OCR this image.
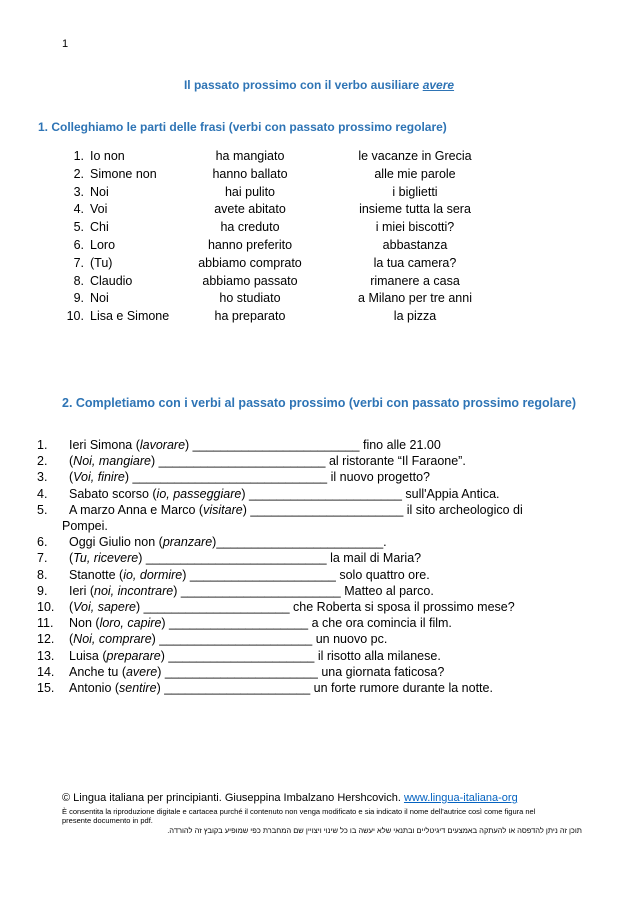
1
Il passato prossimo con il verbo ausiliare avere
1. Colleghiamo le parti delle frasi (verbi con passato prossimo regolare)
1. Io non	ha mangiato	le vacanze in Grecia
2. Simone non	hanno ballato	alle mie parole
3. Noi	hai pulito	i biglietti
4. Voi	avete abitato	insieme tutta la sera
5. Chi	ha creduto	i miei biscotti?
6. Loro	hanno preferito	abbastanza
7. (Tu)	abbiamo comprato	la tua camera?
8. Claudio	abbiamo passato	rimanere a casa
9. Noi	ho studiato	a Milano per tre anni
10. Lisa e Simone	ha preparato	la pizza
2. Completiamo con i verbi al passato prossimo (verbi con passato prossimo regolare)
1. Ieri Simona (lavorare) ________________________ fino alle 21.00
2. (Noi, mangiare) ________________________ al ristorante “Il Faraone”.
3. (Voi, finire) ____________________________ il nuovo progetto?
4. Sabato scorso (io, passeggiare) ______________________ sull'Appia Antica.
5. A marzo Anna e Marco (visitare) ______________________ il sito archeologico di
Pompei.
6. Oggi Giulio non (pranzare)________________________.
7. (Tu, ricevere) __________________________ la mail di Maria?
8. Stanotte (io, dormire) _____________________ solo quattro ore.
9. Ieri (noi, incontrare) _______________________ Matteo al parco.
10. (Voi, sapere) _____________________ che Roberta si sposa il prossimo mese?
11. Non (loro, capire) ____________________ a che ora comincia il film.
12. (Noi, comprare) ______________________ un nuovo pc.
13. Luisa (preparare) _____________________ il risotto alla milanese.
14. Anche tu (avere) ______________________ una giornata faticosa?
15. Antonio (sentire) _____________________ un forte rumore durante la notte.
© Lingua italiana per principianti. Giuseppina Imbalzano Hershcovich. www.lingua-italiana-org
È consentita la riproduzione digitale e cartacea purché il contenuto non venga modificato e sia indicato il nome dell'autrice così come figura nel
presente documento in pdf.
תוכן זה ניתן להדפסה או להעתקה באמצעים דיגיטליים ובתנאי שלא יעשה בו כל שינוי ויצויין שם המחברת כפי שמופיע בקובץ זה להורדה.
